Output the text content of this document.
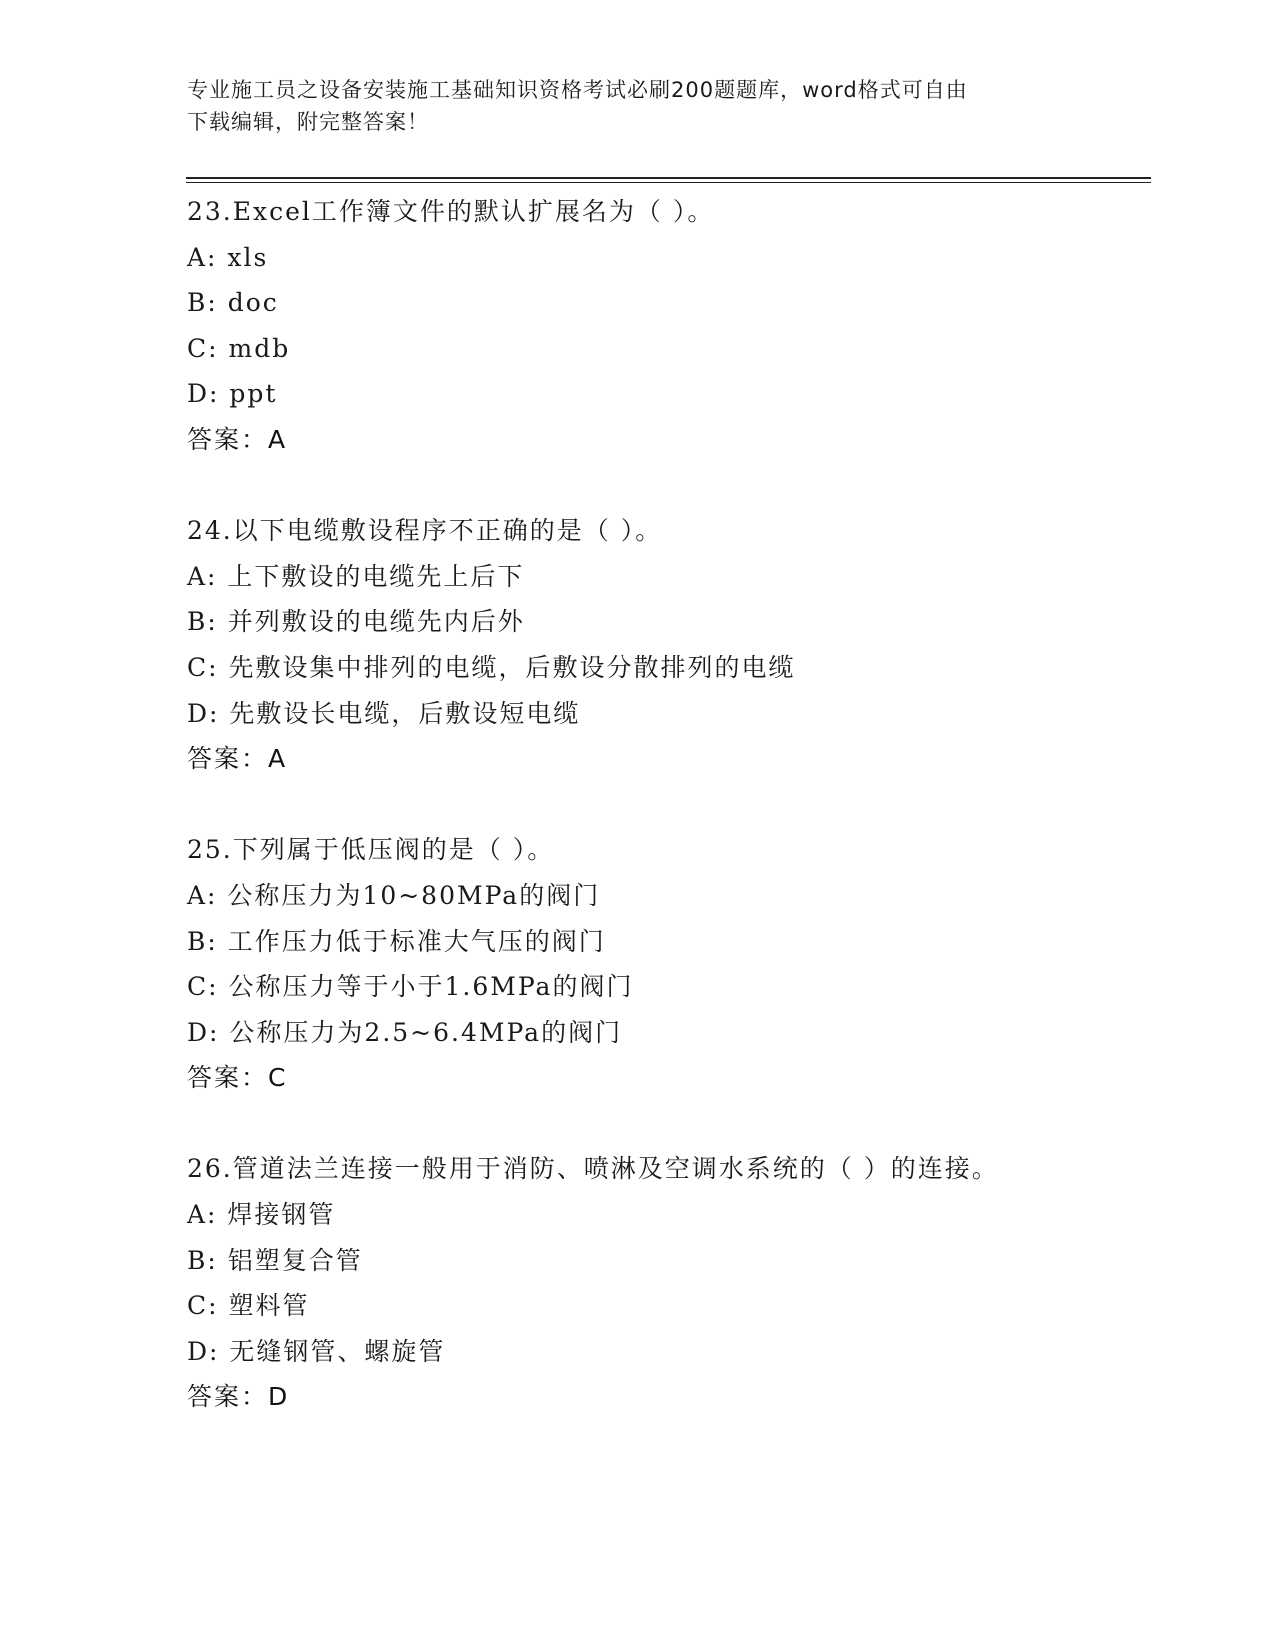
专业施工员之设备安装施工基础知识资格考试必刷200题题库，word格式可自由
下载编辑，附完整答案！
23.Excel工作簿文件的默认扩展名为（ ）。
A: xls
B: doc
C: mdb
D: ppt
答案：A
24.以下电缆敷设程序不正确的是（ ）。
A: 上下敷设的电缆先上后下
B: 并列敷设的电缆先内后外
C: 先敷设集中排列的电缆，后敷设分散排列的电缆
D: 先敷设长电缆，后敷设短电缆
答案：A
25.下列属于低压阀的是（ ）。
A: 公称压力为10~80MPa的阀门
B: 工作压力低于标准大气压的阀门
C: 公称压力等于小于1.6MPa的阀门
D: 公称压力为2.5~6.4MPa的阀门
答案：C
26.管道法兰连接一般用于消防、喷淋及空调水系统的（ ）的连接。
A: 焊接钢管
B: 铝塑复合管
C: 塑料管
D: 无缝钢管、螺旋管
答案：D
